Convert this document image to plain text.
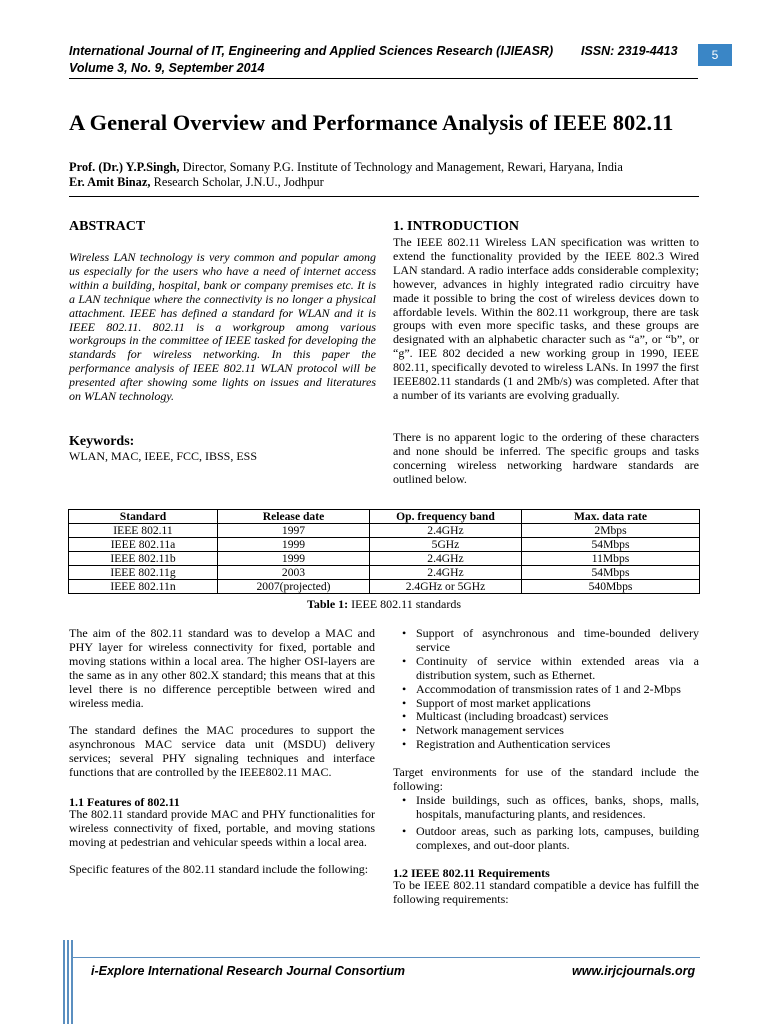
International Journal of IT, Engineering and Applied Sciences Research (IJIEASR) ISSN: 2319-4413
Volume 3, No. 9, September 2014
5
A General Overview and Performance Analysis of IEEE 802.11
Prof. (Dr.) Y.P.Singh, Director, Somany P.G. Institute of Technology and Management, Rewari, Haryana, India
Er. Amit Binaz, Research Scholar, J.N.U., Jodhpur
ABSTRACT
Wireless LAN technology is very common and popular among us especially for the users who have a need of internet access within a building, hospital, bank or company premises etc. It is a LAN technique where the connectivity is no longer a physical attachment. IEEE has defined a standard for WLAN and it is IEEE 802.11. 802.11 is a workgroup among various workgroups in the committee of IEEE tasked for developing the standards for wireless networking. In this paper the performance analysis of IEEE 802.11 WLAN protocol will be presented after showing some lights on issues and literatures on WLAN technology.
Keywords:
WLAN, MAC, IEEE, FCC, IBSS, ESS
1. INTRODUCTION
The IEEE 802.11 Wireless LAN specification was written to extend the functionality provided by the IEEE 802.3 Wired LAN standard. A radio interface adds considerable complexity; however, advances in highly integrated radio circuitry have made it possible to bring the cost of wireless devices down to affordable levels. Within the 802.11 workgroup, there are task groups with even more specific tasks, and these groups are designated with an alphabetic character such as “a”, or “b”, or “g”. IEE 802 decided a new working group in 1990, IEEE 802.11, specifically devoted to wireless LANs. In 1997 the first IEEE802.11 standards (1 and 2Mb/s) was completed. After that a number of its variants are evolving gradually.
There is no apparent logic to the ordering of these characters and none should be inferred. The specific groups and tasks concerning wireless networking hardware standards are outlined below.
Standard	Release date	Op. frequency band	Max. data rate
IEEE 802.11	1997	2.4GHz	2Mbps
IEEE 802.11a	1999	5GHz	54Mbps
IEEE 802.11b	1999	2.4GHz	11Mbps
IEEE 802.11g	2003	2.4GHz	54Mbps
IEEE 802.11n	2007(projected)	2.4GHz or 5GHz	540Mbps
Table 1: IEEE 802.11 standards
The aim of the 802.11 standard was to develop a MAC and PHY layer for wireless connectivity for fixed, portable and moving stations within a local area. The higher OSI-layers are the same as in any other 802.X standard; this means that at this level there is no difference perceptible between wired and wireless media.
The standard defines the MAC procedures to support the asynchronous MAC service data unit (MSDU) delivery services; several PHY signaling techniques and interface functions that are controlled by the IEEE802.11 MAC.
1.1 Features of 802.11
The 802.11 standard provide MAC and PHY functionalities for wireless connectivity of fixed, portable, and moving stations moving at pedestrian and vehicular speeds within a local area.
Specific features of the 802.11 standard include the following:
• Support of asynchronous and time-bounded delivery service
• Continuity of service within extended areas via a distribution system, such as Ethernet.
• Accommodation of transmission rates of 1 and 2-Mbps
• Support of most market applications
• Multicast (including broadcast) services
• Network management services
• Registration and Authentication services
Target environments for use of the standard include the following:
• Inside buildings, such as offices, banks, shops, malls, hospitals, manufacturing plants, and residences.
• Outdoor areas, such as parking lots, campuses, building complexes, and out-door plants.
1.2 IEEE 802.11 Requirements
To be IEEE 802.11 standard compatible a device has fulfill the following requirements:
i-Explore International Research Journal Consortium	www.irjcjournals.org
